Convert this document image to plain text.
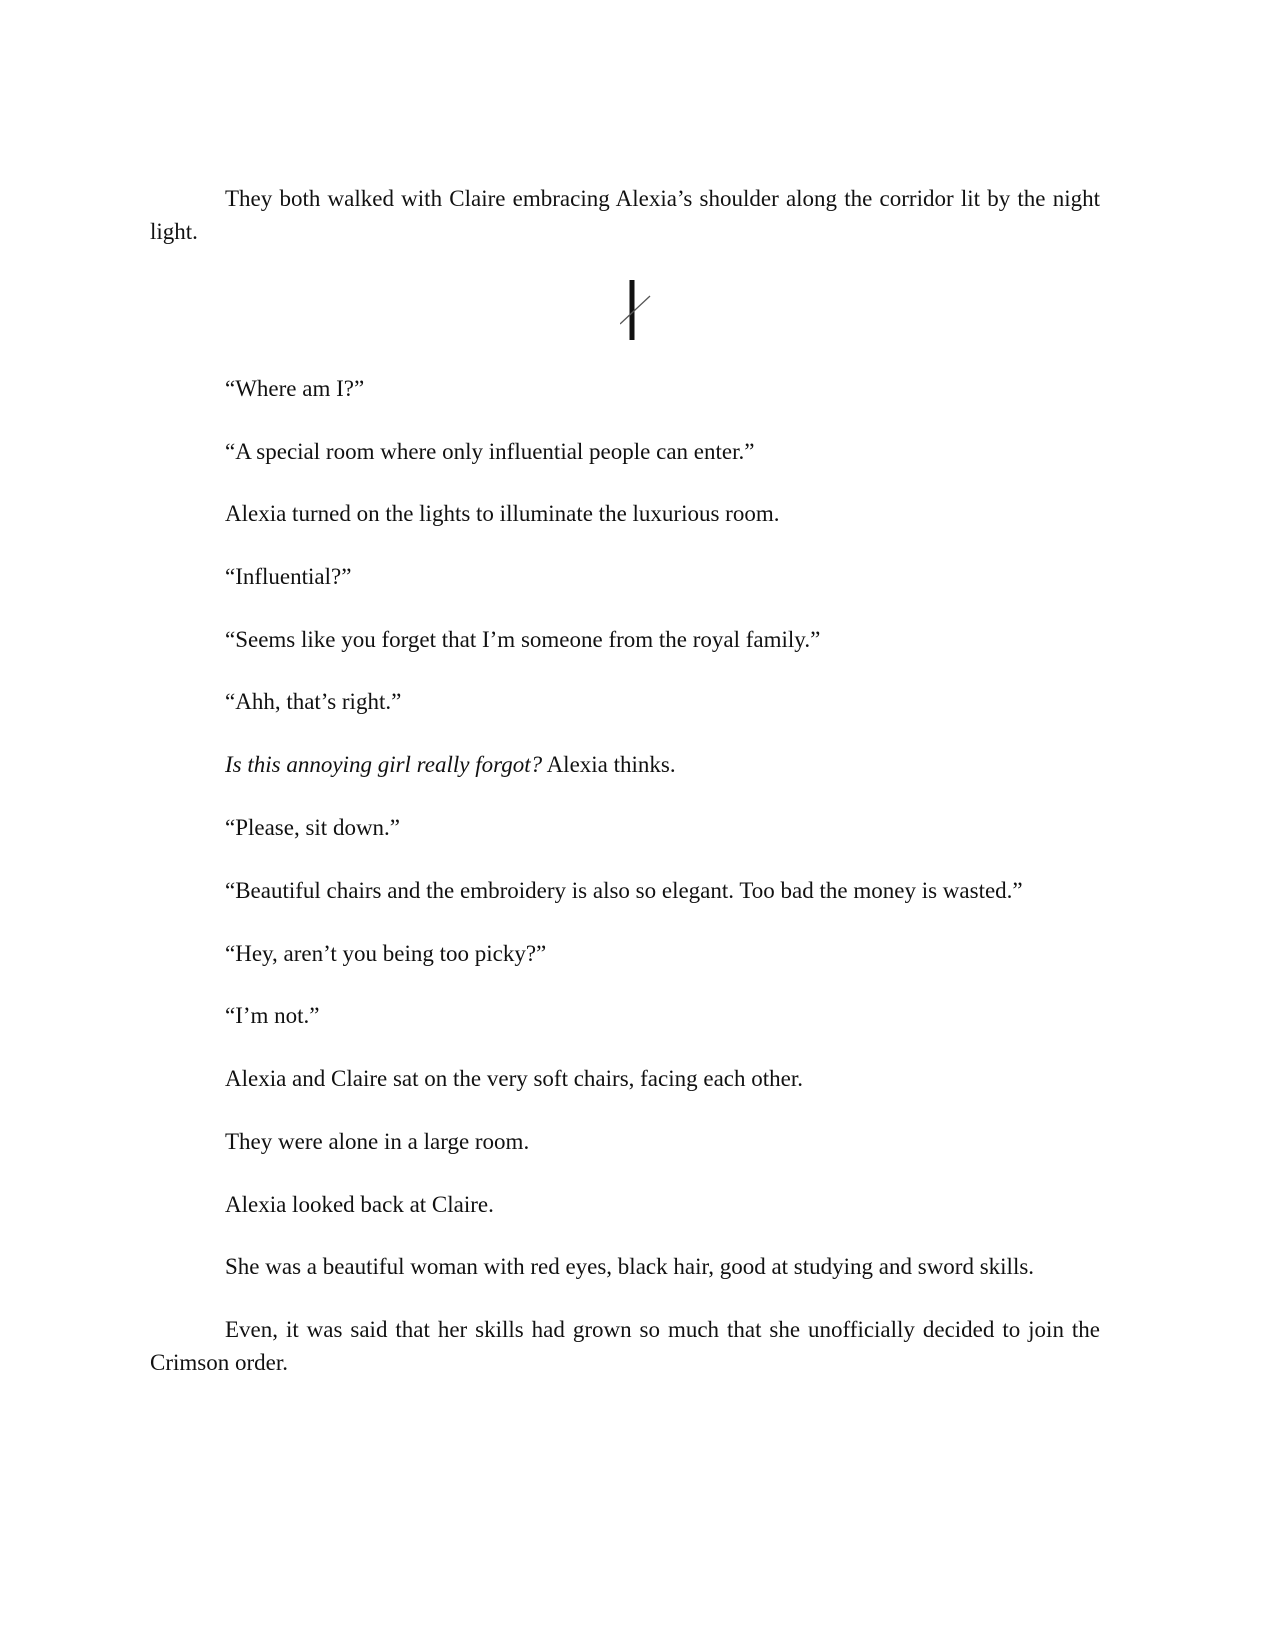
They both walked with Claire embracing Alexia’s shoulder along the corridor lit by the night light.

“Where am I?”

“A special room where only influential people can enter.”

Alexia turned on the lights to illuminate the luxurious room.

“Influential?”

“Seems like you forget that I’m someone from the royal family.”

“Ahh, that’s right.”

Is this annoying girl really forgot? Alexia thinks.

“Please, sit down.”

“Beautiful chairs and the embroidery is also so elegant. Too bad the money is wasted.”

“Hey, aren’t you being too picky?”

“I’m not.”

Alexia and Claire sat on the very soft chairs, facing each other.

They were alone in a large room.

Alexia looked back at Claire.

She was a beautiful woman with red eyes, black hair, good at studying and sword skills.

Even, it was said that her skills had grown so much that she unofficially decided to join the Crimson order.
